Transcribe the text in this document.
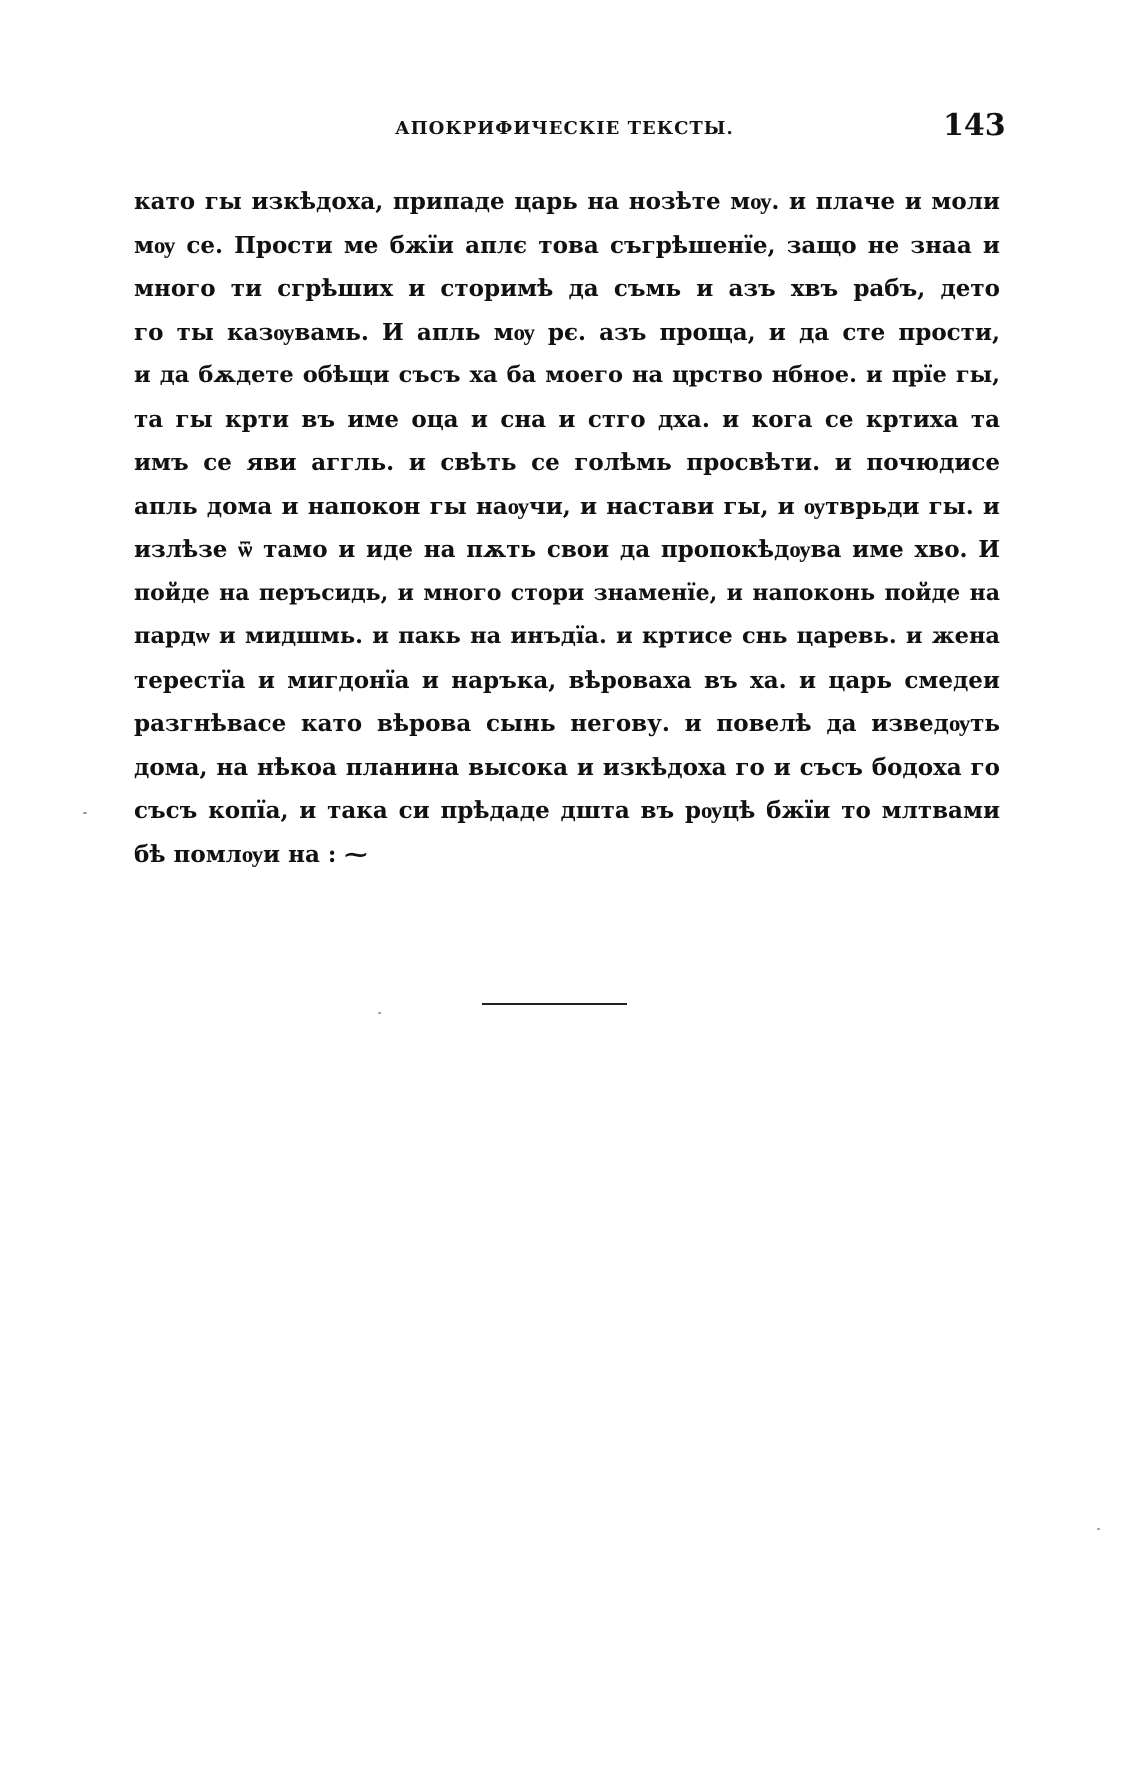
АПОКРИФИЧЕСКІЕ ТЕКСТЫ.	143
като гы изкѣдоха, припаде царь на нозѣте мѹ. и плаче и моли
мѹ се. Прости ме бжїи аплє това съгрѣшенїе, защо не знаа и
много ти сгрѣших и сторимѣ да съмь и азъ хвъ рабъ, дето
го ты казѹвамь. И апль мѹ рє. азъ проща, и да сте прости,
и да бѫдете обѣщи съсъ ха ба моего на црство нбное. и прїе гы,
та гы крти въ име оца и сна и стго дха. и кога се кртиха та
имъ се яви аггль. и свѣть се голѣмь просвѣти. и почюдисе
апль дома и напокон гы наѹчи, и настави гы, и ѹтврьди гы. и
излѣзе ѿ тамо и иде на пѫть свои да пропокѣдѹва име хво. И
пойде на перъсидь, и много стори знаменїе, и напоконь пойде на
пардѡ и мидшмь. и пакь на инъдїа. и кртисе снь царевь. и жена
терестїа и мигдонїа и наръка, вѣроваха въ ха. и царь смедеи
разгнѣвасе като вѣрова сынь негову. и повелѣ да изведѹть
дома, на нѣкоа планина высока и изкѣдоха го и съсъ бодоха го
съсъ копїа, и така си прѣдаде дшта въ рѹцѣ бжїи то млтвами
бѣ помлѹи на : ⁓
